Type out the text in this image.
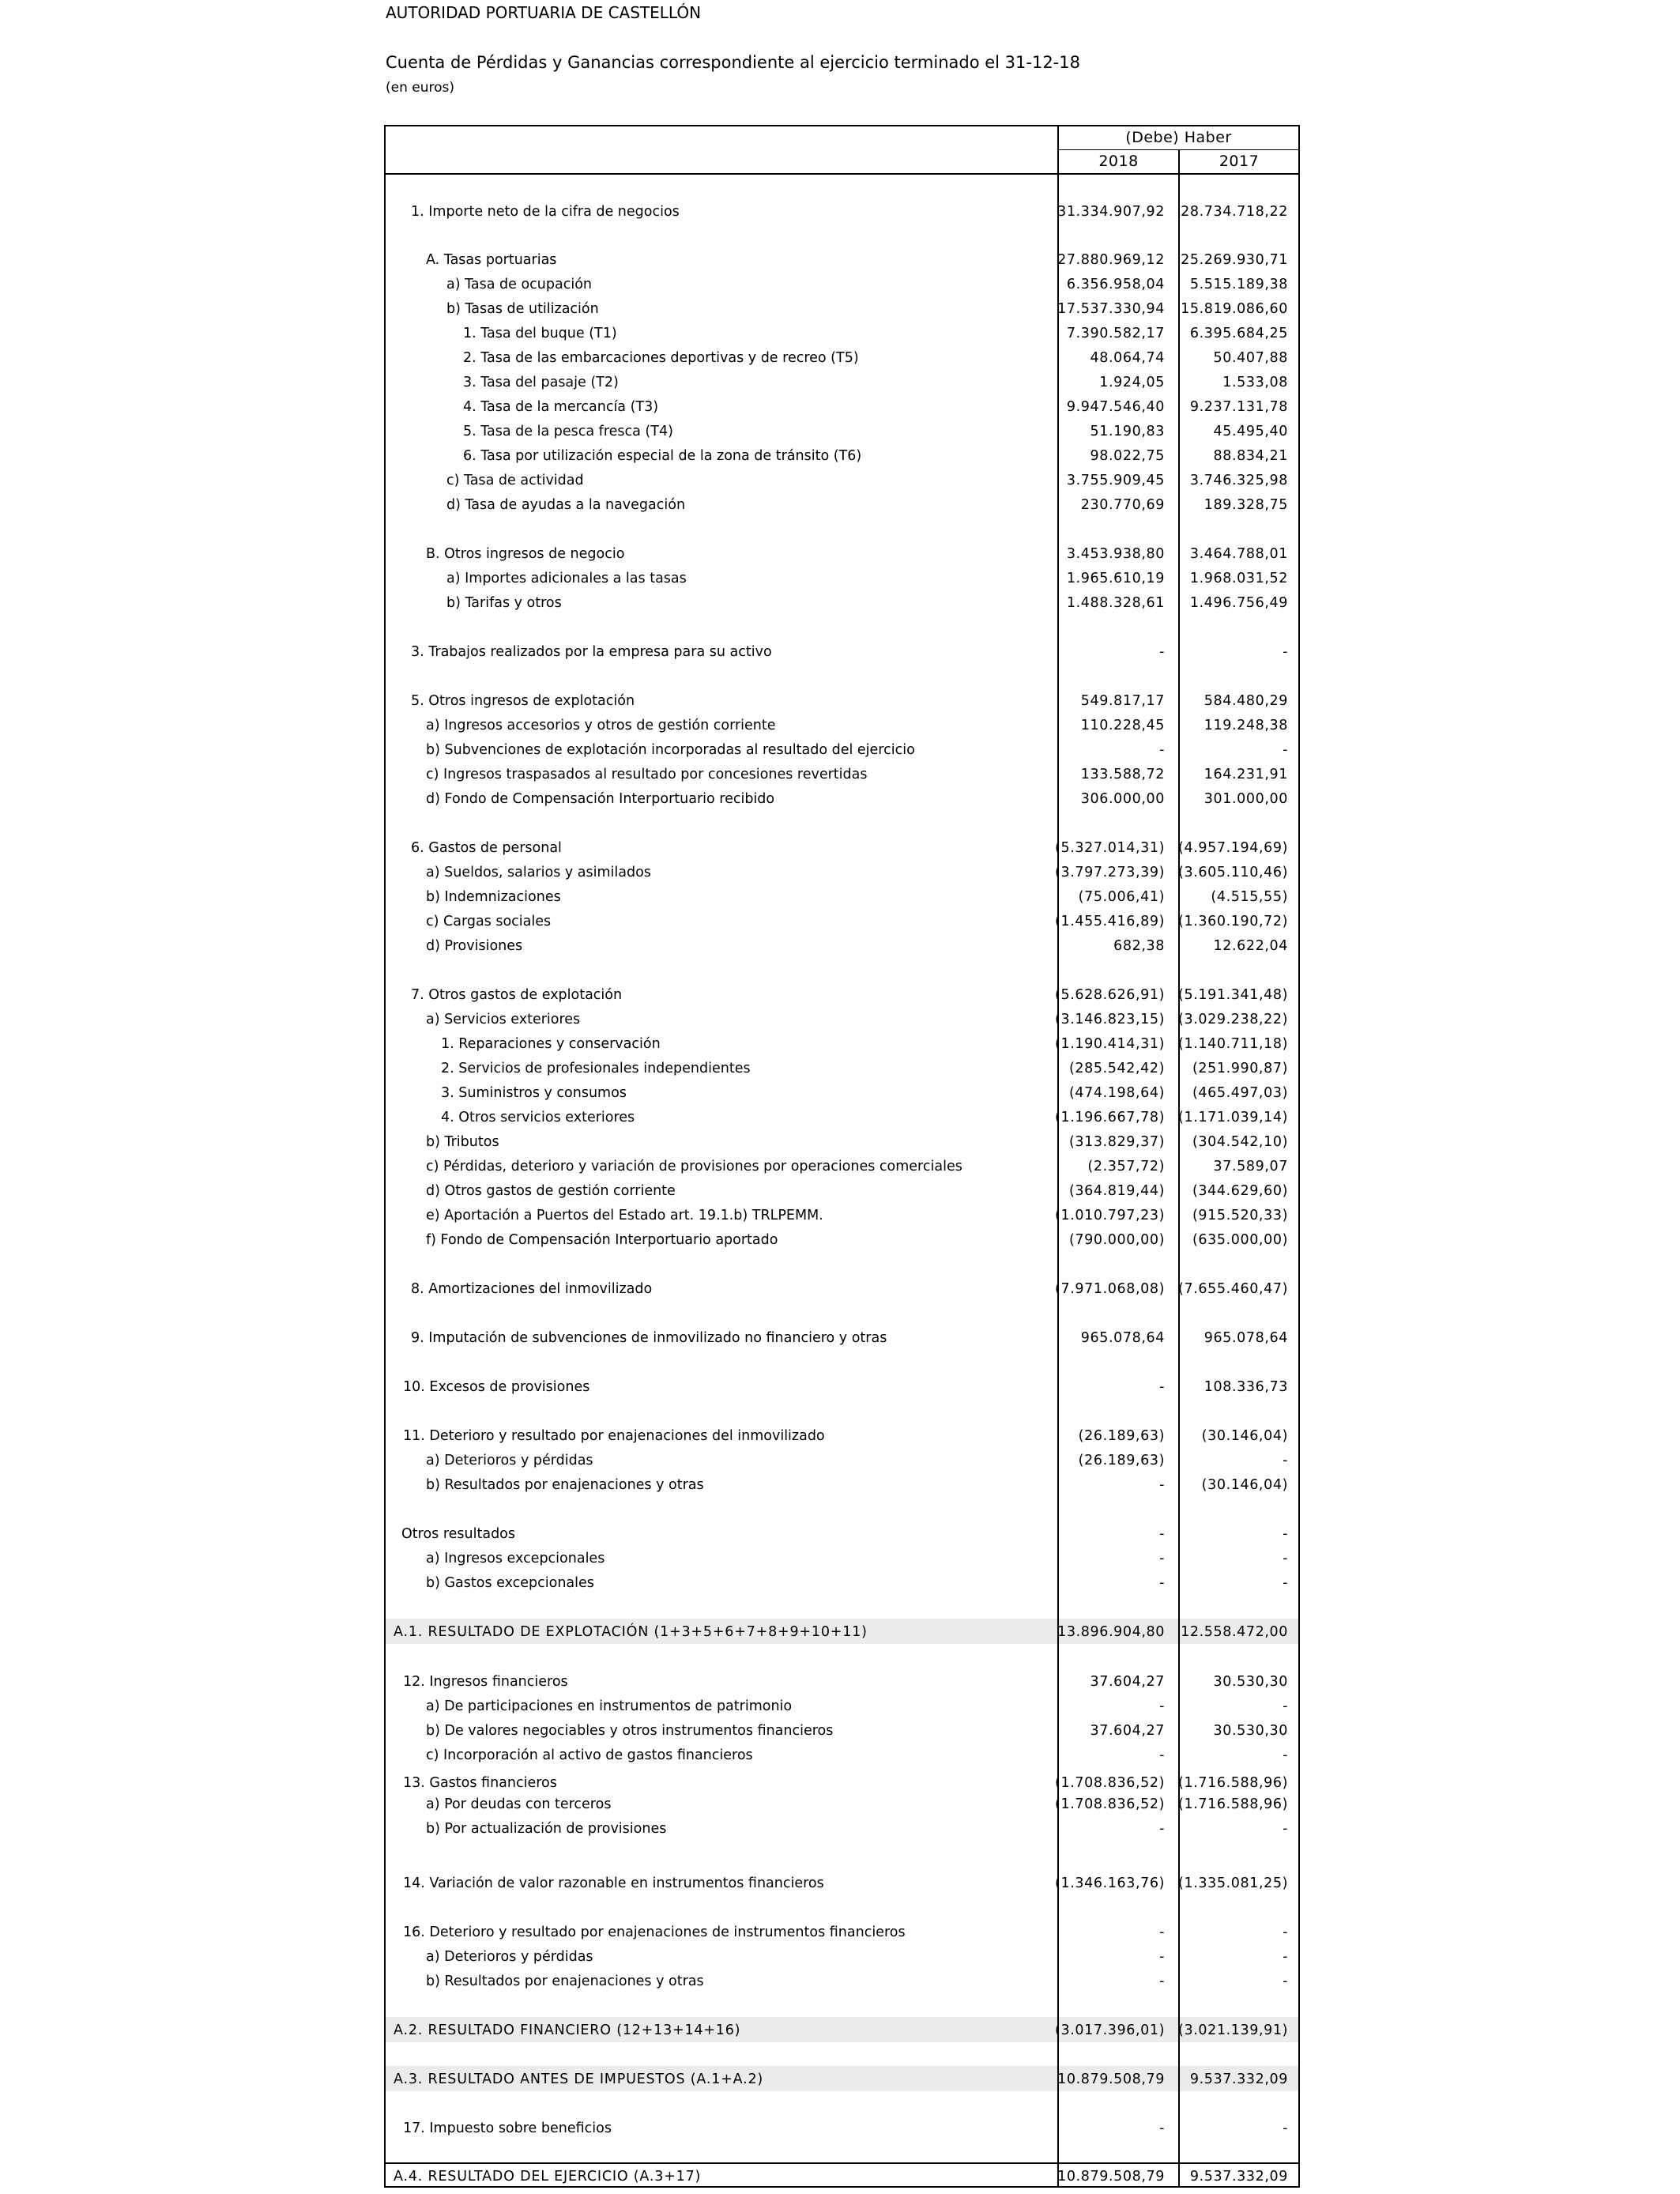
AUTORIDAD PORTUARIA DE CASTELLÓN
Cuenta de Pérdidas y Ganancias correspondiente al ejercicio terminado el 31-12-18
(en euros)
(Debe) Haber
2018	2017
1. Importe neto de la cifra de negocios	31.334.907,92 28.734.718,22
A. Tasas portuarias	27.880.969,12 25.269.930,71
a) Tasa de ocupación	6.356.958,04 5.515.189,38
b) Tasas de utilización	17.537.330,94 15.819.086,60
1. Tasa del buque (T1)	7.390.582,17 6.395.684,25
2. Tasa de las embarcaciones deportivas y de recreo (T5)	48.064,74	50.407,88
3. Tasa del pasaje (T2)	1.924,05	1.533,08
4. Tasa de la mercancía (T3)	9.947.546,40 9.237.131,78
5. Tasa de la pesca fresca (T4)	51.190,83	45.495,40
6. Tasa por utilización especial de la zona de tránsito (T6)	98.022,75	88.834,21
c) Tasa de actividad	3.755.909,45 3.746.325,98
d) Tasa de ayudas a la navegación	230.770,69	189.328,75
B. Otros ingresos de negocio	3.453.938,80 3.464.788,01
a) Importes adicionales a las tasas	1.965.610,19 1.968.031,52
b) Tarifas y otros	1.488.328,61 1.496.756,49
3. Trabajos realizados por la empresa para su activo	-	-
5. Otros ingresos de explotación	549.817,17	584.480,29
a) Ingresos accesorios y otros de gestión corriente	110.228,45	119.248,38
b) Subvenciones de explotación incorporadas al resultado del ejercicio	-	-
c) Ingresos traspasados al resultado por concesiones revertidas	133.588,72	164.231,91
d) Fondo de Compensación Interportuario recibido	306.000,00	301.000,00
6. Gastos de personal	(5.327.014,31) (4.957.194,69)
a) Sueldos, salarios y asimilados	(3.797.273,39) (3.605.110,46)
b) Indemnizaciones	(75.006,41)	(4.515,55)
c) Cargas sociales	(1.455.416,89) (1.360.190,72)
d) Provisiones	682,38	12.622,04
7. Otros gastos de explotación	(5.628.626,91) (5.191.341,48)
a) Servicios exteriores	(3.146.823,15) (3.029.238,22)
1. Reparaciones y conservación	(1.190.414,31) (1.140.711,18)
2. Servicios de profesionales independientes	(285.542,42) (251.990,87)
3. Suministros y consumos	(474.198,64) (465.497,03)
4. Otros servicios exteriores	(1.196.667,78) (1.171.039,14)
b) Tributos	(313.829,37) (304.542,10)
c) Pérdidas, deterioro y variación de provisiones por operaciones comerciales	(2.357,72)	37.589,07
d) Otros gastos de gestión corriente	(364.819,44) (344.629,60)
e) Aportación a Puertos del Estado art. 19.1.b) TRLPEMM.	(1.010.797,23) (915.520,33)
f) Fondo de Compensación Interportuario aportado	(790.000,00) (635.000,00)
8. Amortizaciones del inmovilizado	(7.971.068,08) (7.655.460,47)
9. Imputación de subvenciones de inmovilizado no financiero y otras	965.078,64	965.078,64
10. Excesos de provisiones	-	108.336,73
11. Deterioro y resultado por enajenaciones del inmovilizado	(26.189,63)	(30.146,04)
a) Deterioros y pérdidas	(26.189,63)	-
b) Resultados por enajenaciones y otras	-	(30.146,04)
Otros resultados	-	-
a) Ingresos excepcionales	-	-
b) Gastos excepcionales	-	-
A.1. RESULTADO DE EXPLOTACIÓN (1+3+5+6+7+8+9+10+11)	13.896.904,80 12.558.472,00
12. Ingresos financieros	37.604,27	30.530,30
a) De participaciones en instrumentos de patrimonio	-	-
b) De valores negociables y otros instrumentos financieros	37.604,27	30.530,30
c) Incorporación al activo de gastos financieros	-	-
13. Gastos financieros	(1.708.836,52) (1.716.588,96)
a) Por deudas con terceros	(1.708.836,52) (1.716.588,96)
b) Por actualización de provisiones	-	-
14. Variación de valor razonable en instrumentos financieros	(1.346.163,76) (1.335.081,25)
16. Deterioro y resultado por enajenaciones de instrumentos financieros	-	-
a) Deterioros y pérdidas	-	-
b) Resultados por enajenaciones y otras	-	-
A.2. RESULTADO FINANCIERO (12+13+14+16)	(3.017.396,01) (3.021.139,91)
A.3. RESULTADO ANTES DE IMPUESTOS (A.1+A.2)	10.879.508,79 9.537.332,09
17. Impuesto sobre beneficios	-	-
A.4. RESULTADO DEL EJERCICIO (A.3+17)	10.879.508,79 9.537.332,09
